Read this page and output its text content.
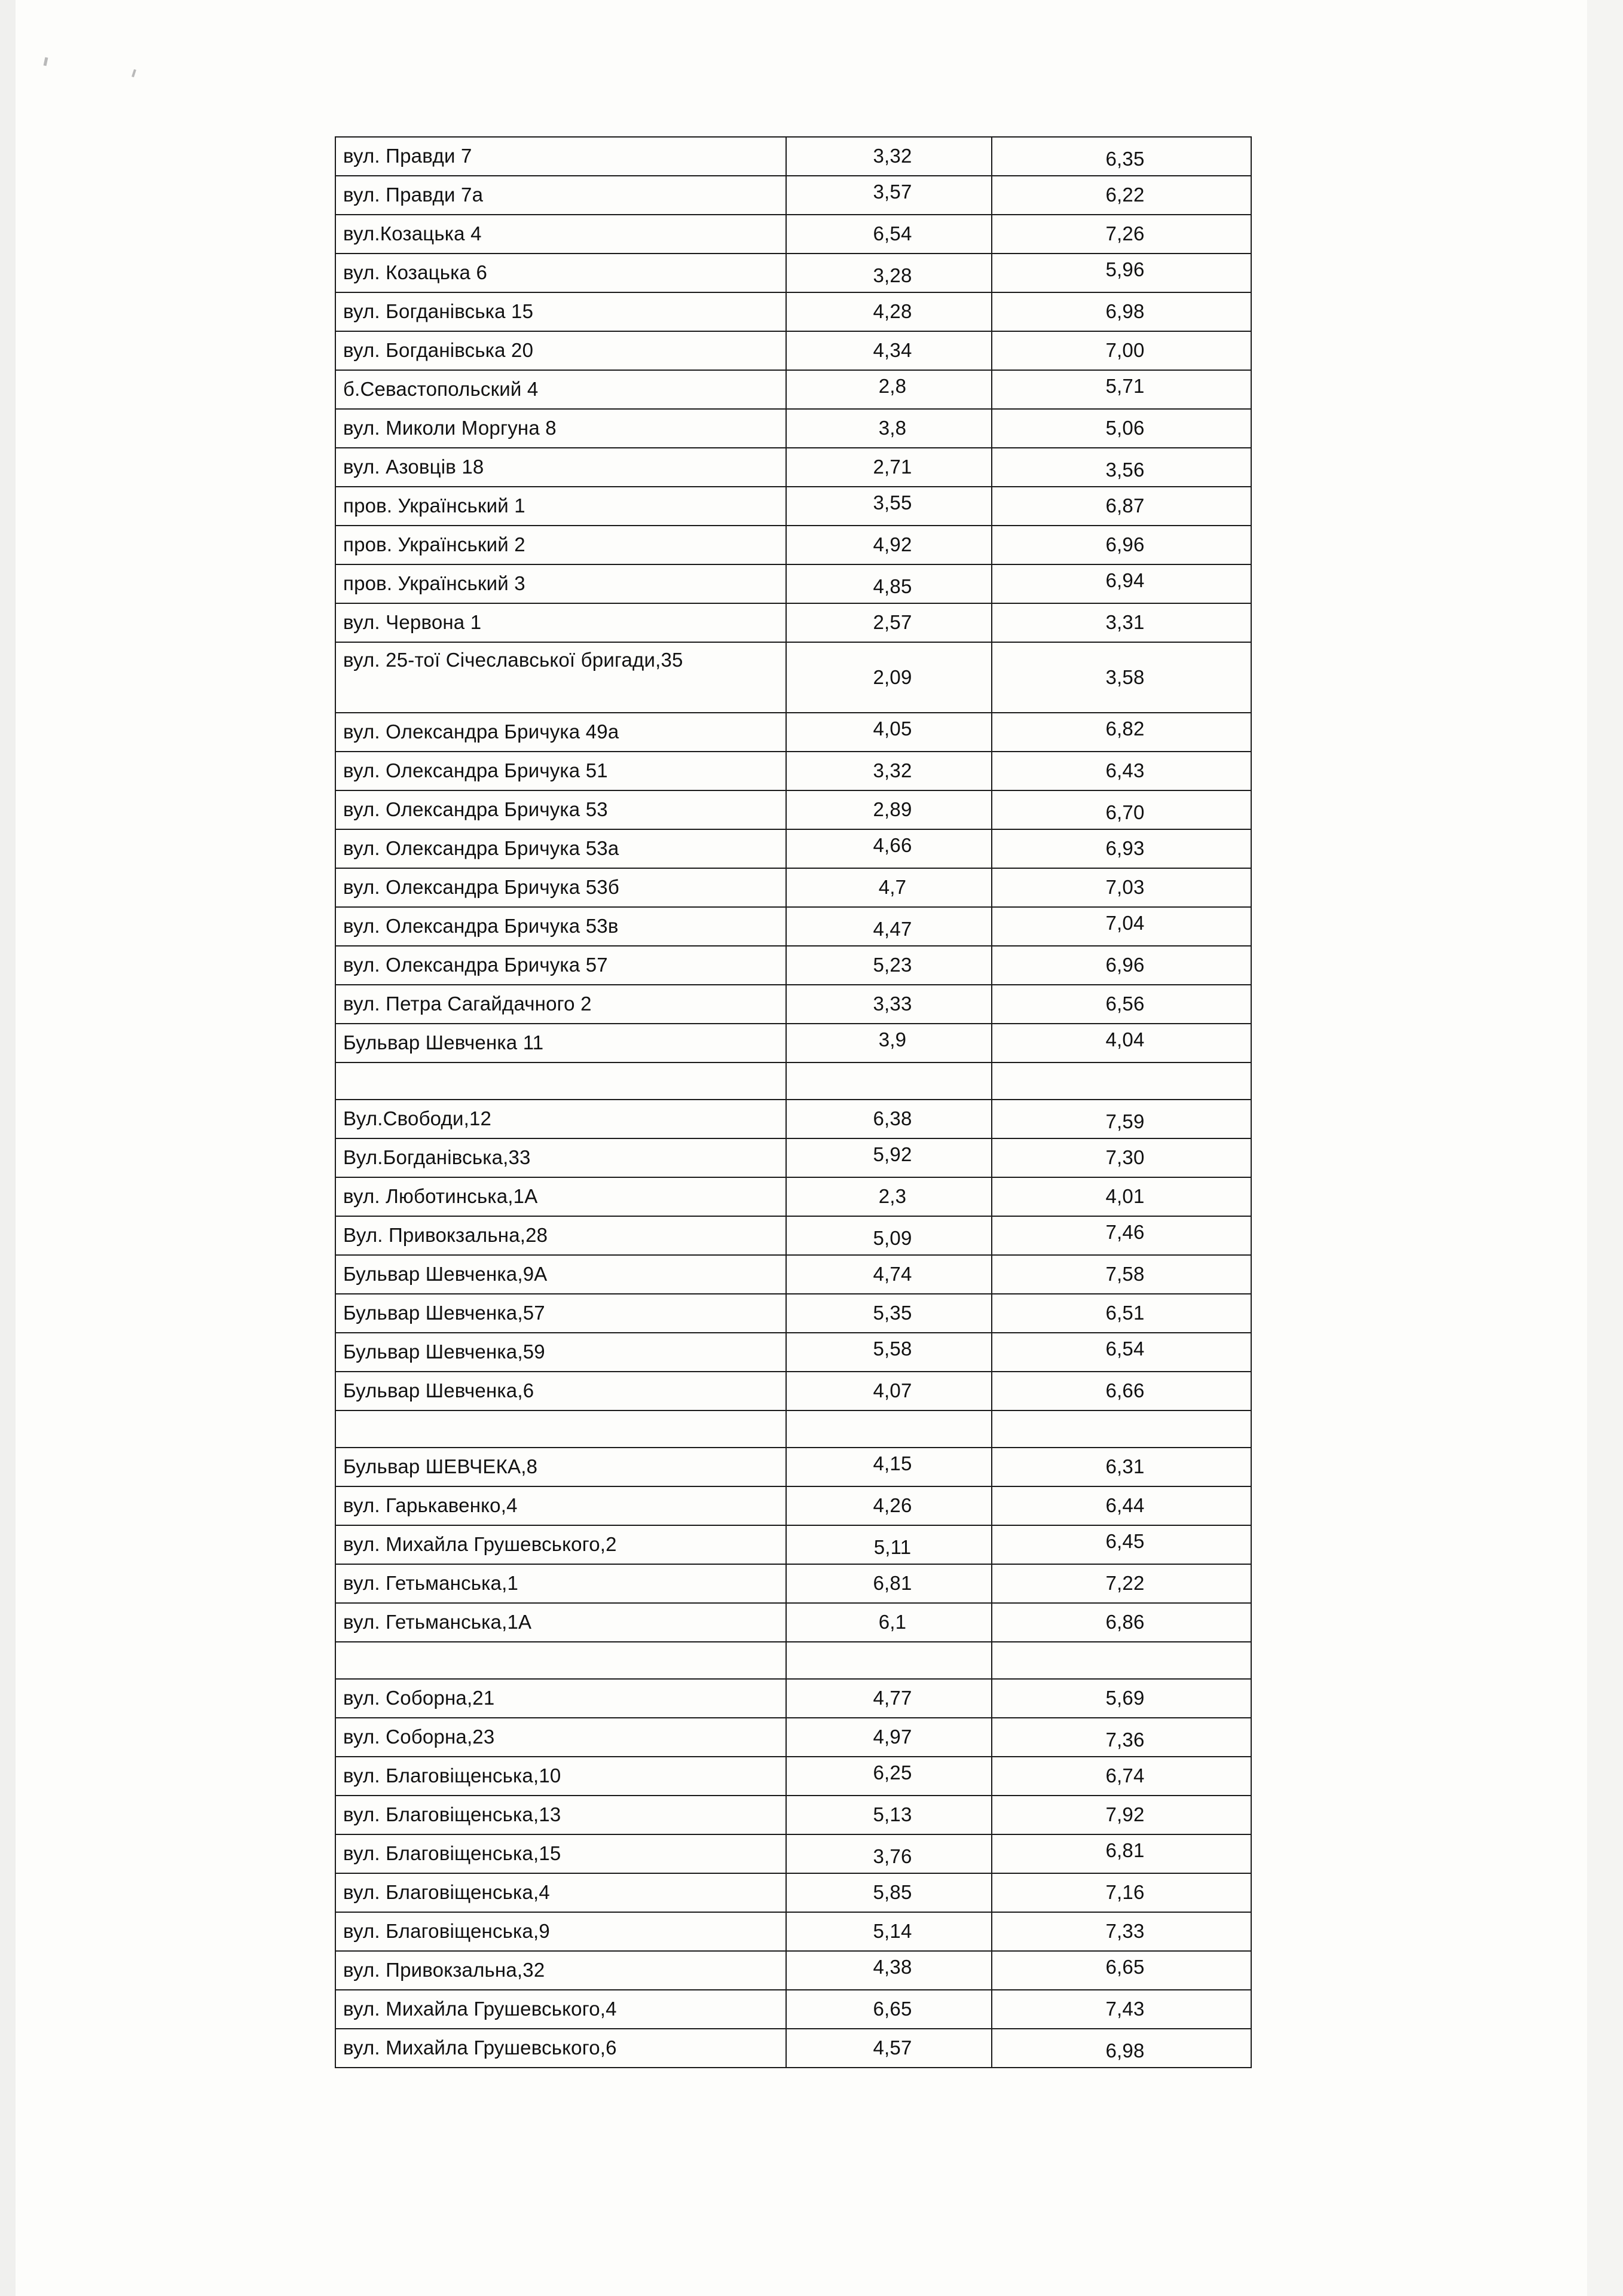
вул. Правди 7	3,32	6,35
вул. Правди 7а	3,57	6,22
вул.Козацька 4	6,54	7,26
вул. Козацька 6	3,28	5,96
вул. Богданівська 15	4,28	6,98
вул. Богданівська 20	4,34	7,00
б.Севастопольский 4	2,8	5,71
вул. Миколи Моргуна 8	3,8	5,06
вул. Азовців 18	2,71	3,56
пров. Український 1	3,55	6,87
пров. Український 2	4,92	6,96
пров. Український 3	4,85	6,94
вул. Червона 1	2,57	3,31
вул. 25-тої Січеславської бригади,35	2,09	3,58
вул. Олександра Бричука 49а	4,05	6,82
вул. Олександра Бричука 51	3,32	6,43
вул. Олександра Бричука 53	2,89	6,70
вул. Олександра Бричука 53а	4,66	6,93
вул. Олександра Бричука 53б	4,7	7,03
вул. Олександра Бричука 53в	4,47	7,04
вул. Олександра Бричука 57	5,23	6,96
вул. Петра Сагайдачного 2	3,33	6,56
Бульвар Шевченка 11	3,9	4,04

Вул.Свободи,12	6,38	7,59
Вул.Богданівська,33	5,92	7,30
вул. Люботинська,1А	2,3	4,01
Вул. Привокзальна,28	5,09	7,46
Бульвар Шевченка,9А	4,74	7,58
Бульвар Шевченка,57	5,35	6,51
Бульвар Шевченка,59	5,58	6,54
Бульвар Шевченка,6	4,07	6,66

Бульвар ШЕВЧЕКА,8	4,15	6,31
вул. Гарькавенко,4	4,26	6,44
вул. Михайла Грушевського,2	5,11	6,45
вул. Гетьманська,1	6,81	7,22
вул. Гетьманська,1А	6,1	6,86

вул. Соборна,21	4,77	5,69
вул. Соборна,23	4,97	7,36
вул. Благовіщенська,10	6,25	6,74
вул. Благовіщенська,13	5,13	7,92
вул. Благовіщенська,15	3,76	6,81
вул. Благовіщенська,4	5,85	7,16
вул. Благовіщенська,9	5,14	7,33
вул. Привокзальна,32	4,38	6,65
вул. Михайла Грушевського,4	6,65	7,43
вул. Михайла Грушевського,6	4,57	6,98
